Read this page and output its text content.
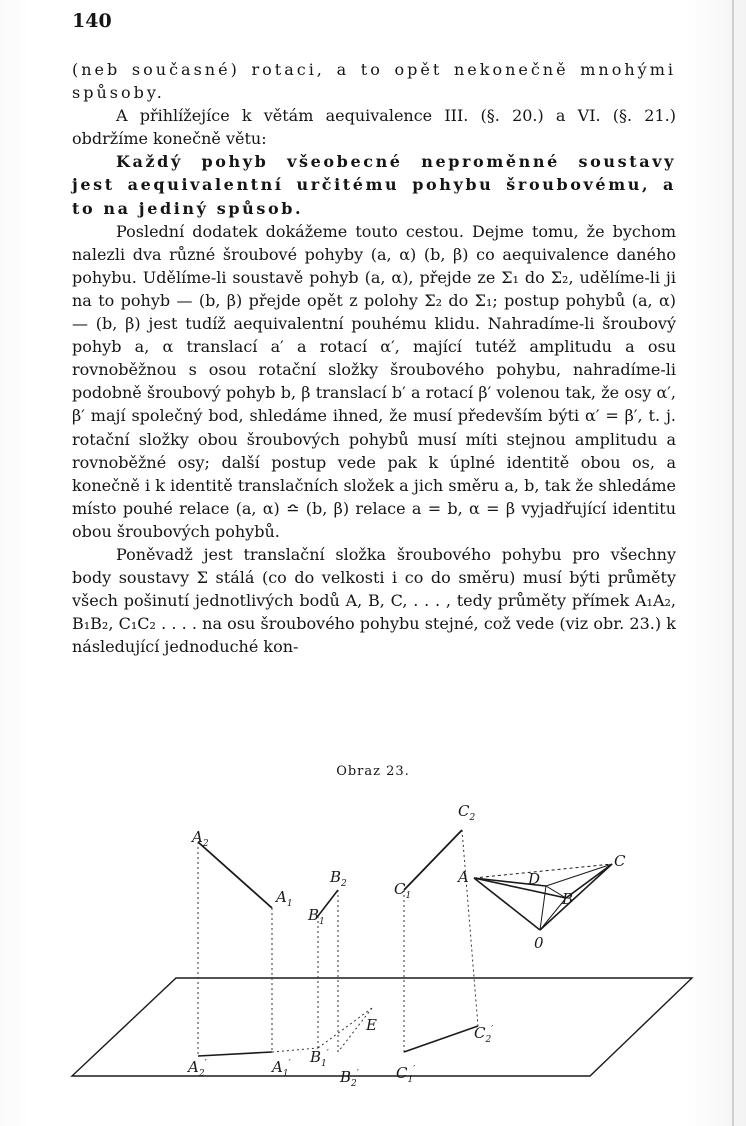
140

(neb současné) rotaci, a to opět nekonečně mnohými spůsoby.

A přihlížejíce k větám aequivalence III. (§. 20.) a VI. (§. 21.) obdržíme konečně větu:

Každý pohyb všeobecné neproměnné soustavy jest aequivalentní určitému pohybu šroubovému, a to na jediný spůsob.

Poslední dodatek dokážeme touto cestou. Dejme tomu, že bychom nalezli dva různé šroubové pohyby (a, α) (b, β) co aequivalence daného pohybu. Udělíme-li soustavě pohyb (a, α), přejde ze Σ₁ do Σ₂, udělíme-li ji na to pohyb — (b, β) přejde opět z polohy Σ₂ do Σ₁; postup pohybů (a, α) — (b, β) jest tudíž aequivalentní pouhému klidu. Nahradíme-li šroubový pohyb a, α translací a′ a rotací α′, mající tutéž amplitudu a osu rovnoběžnou s osou rotační složky šroubového pohybu, nahradíme-li podobně šroubový pohyb b, β translací b′ a rotací β′ volenou tak, že osy α′, β′ mají společný bod, shledáme ihned, že musí především býti α′ = β′, t. j. rotační složky obou šroubových pohybů musí míti stejnou amplitudu a rovnoběžné osy; další postup vede pak k úplné identitě obou os, a konečně i k identitě translačních složek a jich směru a, b, tak že shledáme místo pouhé relace (a, α) ≏ (b, β) relace a = b, α = β vyjadřující identitu obou šroubových pohybů.

Poněvadž jest translační složka šroubového pohybu pro všechny body soustavy Σ stálá (co do velkosti i co do směru) musí býti průměty všech pošinutí jednotlivých bodů A, B, C, . . . , tedy průměty přímek A₁A₂, B₁B₂, C₁C₂ . . . . na osu šroubového pohybu stejné, což vede (viz obr. 23.) k následující jednoduché kon-

Obraz 23.
$A_2$
$A_1$
$B_2$
$B_1$
$C_2$
$C_1$
A	D
B
C
0
$A_2'$	$A_1'$ $B_1'$
$B_2'$
E
$C_1'$
$C_2'$
